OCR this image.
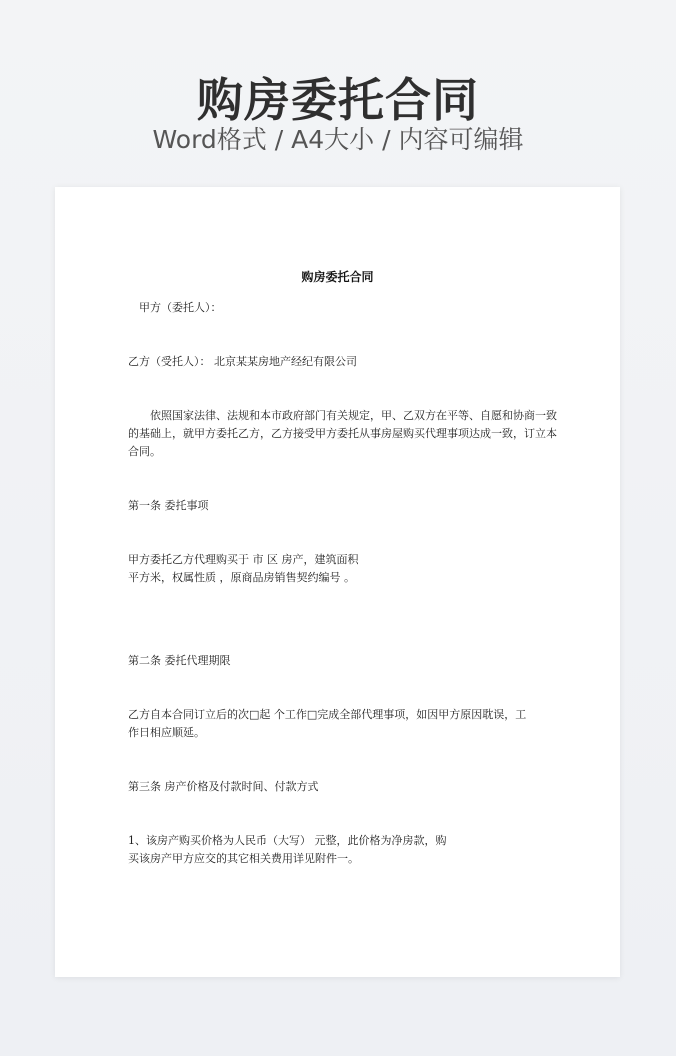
购房委托合同
Word格式 / A4大小 / 内容可编辑
购房委托合同
甲方（委托人）：
乙方（受托人）： 北京某某房地产经纪有限公司
依照国家法律、法规和本市政府部门有关规定，甲、乙双方在平等、自愿和协商一致
的基础上，就甲方委托乙方，乙方接受甲方委托从事房屋购买代理事项达成一致，订立本
合同。
第一条 委托事项
甲方委托乙方代理购买于 市 区 房产，建筑面积
平方米，权属性质 ，原商品房销售契约编号 。
第二条 委托代理期限
乙方自本合同订立后的次□起 个工作□完成全部代理事项，如因甲方原因耽误，工
作日相应顺延。
第三条 房产价格及付款时间、付款方式
1、该房产购买价格为人民币（大写） 元整，此价格为净房款，购
买该房产甲方应交的其它相关费用详见附件一。
